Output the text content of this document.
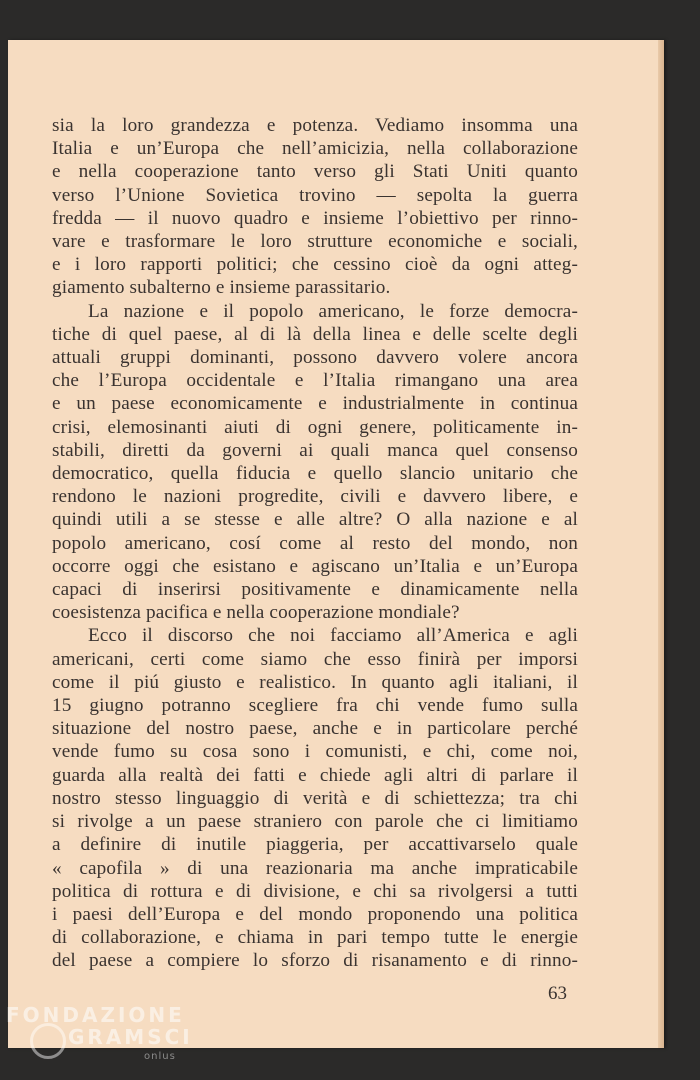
sia la loro grandezza e potenza. Vediamo insomma una
Italia e un’Europa che nell’amicizia, nella collaborazione
e nella cooperazione tanto verso gli Stati Uniti quanto
verso l’Unione Sovietica trovino — sepolta la guerra
fredda — il nuovo quadro e insieme l’obiettivo per rinno-
vare e trasformare le loro strutture economiche e sociali,
e i loro rapporti politici; che cessino cioè da ogni atteg-
giamento subalterno e insieme parassitario.

La nazione e il popolo americano, le forze democra-
tiche di quel paese, al di là della linea e delle scelte degli
attuali gruppi dominanti, possono davvero volere ancora
che l’Europa occidentale e l’Italia rimangano una area
e un paese economicamente e industrialmente in continua
crisi, elemosinanti aiuti di ogni genere, politicamente in-
stabili, diretti da governi ai quali manca quel consenso
democratico, quella fiducia e quello slancio unitario che
rendono le nazioni progredite, civili e davvero libere, e
quindi utili a se stesse e alle altre? O alla nazione e al
popolo americano, cosí come al resto del mondo, non
occorre oggi che esistano e agiscano un’Italia e un’Europa
capaci di inserirsi positivamente e dinamicamente nella
coesistenza pacifica e nella cooperazione mondiale?

Ecco il discorso che noi facciamo all’America e agli
americani, certi come siamo che esso finirà per imporsi
come il piú giusto e realistico. In quanto agli italiani, il
15 giugno potranno scegliere fra chi vende fumo sulla
situazione del nostro paese, anche e in particolare perché
vende fumo su cosa sono i comunisti, e chi, come noi,
guarda alla realtà dei fatti e chiede agli altri di parlare il
nostro stesso linguaggio di verità e di schiettezza; tra chi
si rivolge a un paese straniero con parole che ci limitiamo
a definire di inutile piaggeria, per accattivarselo quale
« capofila » di una reazionaria ma anche impraticabile
politica di rottura e di divisione, e chi sa rivolgersi a tutti
i paesi dell’Europa e del mondo proponendo una politica
di collaborazione, e chiama in pari tempo tutte le energie
del paese a compiere lo sforzo di risanamento e di rinno-

63
FONDAZIONE
GRAMSCI
onlus
